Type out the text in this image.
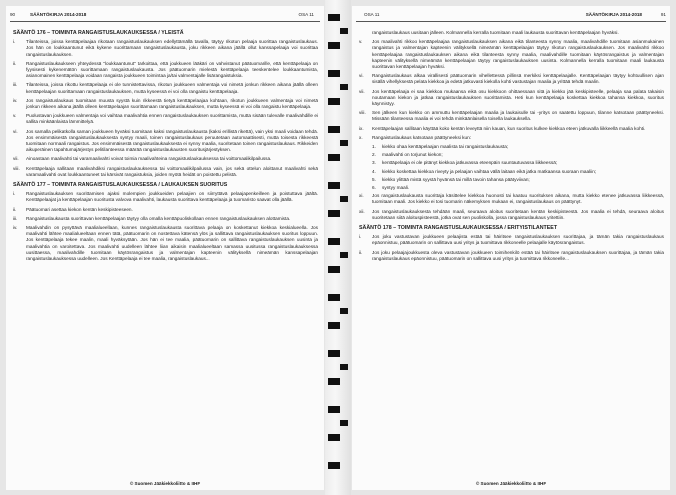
90	SÄÄNTÖKIRJA 2014-2018	OSA 11
SÄÄNTÖ 176 – TOIMINTA RANGAISTUSLAUKAUKSESSA / YLEISTÄ
i.	Tilanteissa, joissa kenttäpelaajaa rikotaan rangaistuslaukauksen edellyttämällä tavalla, täytyy rikotun pelaaja suorittaa rangaistuslaukaus. Jos hän on loukkaantunut eikä kykene suorittamaan rangaistuslaukausta, joku rikkeen aikana jäällä ollut kanssapelaaja voi suorittaa rangaistuslaukauksen.
ii.	Rangaistuslaukaukseen yhteydessä "loukkaantunut" tarkoittaa, että joukkueen lääkäri on vahvistanut päätuomarille, että kenttäpelaaja on fyysisesti kykenemätön suorittamaan rangaistuslaukausta. Jos päätuomarin mielestä kenttäpelaaja teeskentelee loukkaantumista, asianomainen kenttäpelaaja voidaan rangaista joukkueen toimintaa ja/tai valmentajalle lisärangaistuksia.
iii.	Tilanteissa, joissa rikottu kenttäpelaaja ei ole tunnistettavissa, rikotun joukkueen valmentaja voi nimetä jonkun rikkeen aikana jäällä olleen kenttäpelaajan suorittamaan rangaistuslaukauksen, mutta kyseessä ei voi olla rangaistu kenttäpelaaja.
iv.	Jos rangaistuslaukaus tuomitaan muusta syystä kuin rikkeestä tietyä kenttäpelaajaa kohtaan, rikotun joukkueen valmentaja voi nimetä jonkun rikkeen aikana jäällä olleen kenttäpelaajan suorittamaan rangaistuslaukauksen, mutta kyseessä ei voi olla rangaistu kenttäpelaaja.
v.	Puolustavan joukkueen valmentaja voi vaihtaa maalivahtia ennen rangaistuslaukauksen suorittamista, mutta sisään tulevalle maalivahdille ei sallita minkäänlaista lämmittelyä.
vi.	Jos samalla pelikatkolla saman joukkueen hyväksi tuomitaan kaksi rangaistuslaukausta (kaksi erillistä rikettä), vain yksi maali voidaan tehdä. Jos ensimmäisestä rangaistuslaukauksesta syntyy maali, toinen rangaistuslaukaus peruutetaan automaattisesti, mutta toisesta rikkeestä tuomitaan normaali rangaistus. Jos ensimmäisestä rangaistuslaukauksesta ei synny maalia, suoritetaan toinen rangaistuslaukaus. Rikkeiden aikuperäinen tapahtumajärjestys pelitilanteessa määrää rangaistuslaukausten suoritusjärjestyksen.
vii.	Ainoastaan maalivahti tai varamaalivahti voivat toimia maalivahteina rangaistuslaukauksessa tai voittomaalikilpailussa.
viii.	Kenttäpelaaja sallitaan maalivahdiksi rangaistuslaukauksessa tai voittomaalikilpailussa vain, jos sekä ottelun aloittanut maalivahti sekä varamaalivahti ovat loukkaantuneet tai kärsivät rangaistuksia, joiden myötä heidät on poistettu pelistä.
SÄÄNTÖ 177 – TOIMINTA RANGAISTUSLAUKAUKSESSA / LAUKAUKSEN SUORITUS
i.	Rangaistuslaukauksen suorittamisen ajaksi molempien joukkueiden pelaajien on siirryttävä pelaajapenkeilleen ja poistuttava jäältä. Kenttäpelaajat ja kenttäpelaajan suoritusta valvova maalivahti, laukausta suorittava kenttäpelaaja ja tuomaristo saavat olla jäällä.
ii.	Päätuomari asettaa kiekon kentän keskipisteeseen.
iii.	Rangaistuslaukausta suorittavan kenttäpelaajan täytyy olla omalla kenttäpuoliskollaan ennen rangaistuslaukauksen alottamista.
iv.	Maalivahdin on pysyttävä maalialueellaan, kunnes rangaistuslaukausta suorittava pelaaja on koskettanut kiekkoa keskialueella. Jos maalivahti lähtee maalialueeltaan ennen tätä, päätuomarin on nostettava kätensä ylös ja sallittava rangaistuslaukauksen suoritus loppuun. Jos kenttäpelaaja tekee maalin, maali hyväksytään. Jos hän ei tee maalia, päätuomarin on sallittava rangaistuslaukauksen uusinta ja maalivahtia on varoitettava. Jos maalivahti uudelleen lähtee liian aikaisin maalialueeltaan samassa uusitussa rangaistuslaukauksessa uusittaessa, maalivahdille tuomitaan käytösrangaistus ja valmentajan kapteenin välityksellä nimeämän kanssapelaajan rangaistuslaukauksessa uudelleen. Jos Kenttäpelaaja ei tee maalia, rangaistuslaukaus...
© Suomen Jääkiekkoliitto & IIHF
OSA 11	SÄÄNTÖKIRJA 2014-2018	91
rangaistuslaukaus uusitaan jälleen. Kolmannella kerralla tuomitaan maali laukausta suorittavan kenttäpelaajan hyväksi.
v.	Jos maalivahti rikkoo kenttäpelaajaa rangaistuslaukauksen aikana eikä tilanteesta synny maalia, maalivahdille tuomitaan asianmukainen rangaistus ja valmentajan kapteenin välityksellä nimeämän kenttäpelaajan täytyy rikotun rangaistuslaukauksen. Jos maalivahti rikkoo kenttäpelaajaa rangaistuslaukauksen aikana eikä tilanteesta synny maalia, maalivahdille tuomitaan käytösrangaistus ja valmentajan kapteenin välityksellä nimeämän kenttäpelaajan täytyy rangaistuslaukauksen uusinta. Kolmannella kerralla tuomitaan maali laukausta suorittavan kenttäpelaajan hyväksi.
vi.	Rangaistuslaukaus alkaa virallisesti päätuomarin vihellettessä pillinsä merkiksi kenttäpelaajalle. Kenttäpelaajan täytyy kohtuullisen ajan sisällä vihellyksestä pelata kiekkoa ja edetä jatkuvasti kiekolla kohti vastustajan maalia ja yrittää tehdä maalin.
vii.	Jos kenttäpelaaja ei saa kiekkoa mukaansa eikä osu kiekkoon ohittaessaan sitä ja kiekko jää keskipisteelle, pelaaja saa palata takaisin noutamaan kiekon ja jatkaa rangaistuslaukauksen suorittamista. Heti kun kenttäpelaaja koskettaa kiekkoa tahansa kiekkoa, suoritus käynnistyy.
viii.	Sen jälkeen kun kiekko on ammuttu kenttäpelaajan maalia ja laukaisulle tai -yritys on saatettu loppuun, tilanne katsotaan päättyneeksi. Missään tilanteessa maalia ei voi tehdä minkäänlaisella toisella laukauksella.
ix.	Kenttäpelaajan sallitaan käyttää koko kentän leveyttä niin kauan, kun suoritus kulkee kiekkoa eteen jatkuvalla liikkeellä maalia kohti.
x.	Rangaistuslaukaus katsotaan päättyneeksi kun:
1.	kiekko ohaa kenttäpelaajan maalista tai rangaistuslaukausta;
2.	maalivahti on torjunut kiekon;
3.	kenttäpelaaja ei ole pitänyt kiekkoa jatkuvassa eteenpäin suuntautuvassa liikkeessä;
4.	kiekko koskettaa kiekkoa riveyty ja pelaajan vaihtaa vällä laitaan eikä jatka matkaansa suoraan maaliin;
5.	kiekko ylittää mistä syystä hyvänsä tai millä tavoin tahansa päätyviivan;
6.	syntyy maali.
xi.	Jos rangaistuslaukausta suorittaja käsittelee kiekkoa huonosti tai kaatuu suorituksen aikana, mutta kiekko etenee jatkuvassa liikkeessä, tuomitaan maali. Jos kiekko ei tosi tuomarin näkemyksen mukaan ei, rangaistuslaukaus on päättynyt.
xii.	Jos rangaistuslaukauksesta tehdään maali, seuraava aloitus suoritetaan kentän keskipisteestä. Jos maalia ei tehdä, seuraava aloitus suoritetaan siitä aloituspisteestä, jotka ovat sen puoliskolla, jossa rangaistuslaukaus yritettiin.
SÄÄNTÖ 178 – TOIMINTA RANGAISTUSLAUKAUKSESSA / ERITYISTILANTEET
i.	Jos joku vastustavan joukkueen pelaajista estää tai häiritsee rangaistuslaukauksen suorittajaa, ja tämän takia rangaistuslaukaus epäonnistuu, päätuomarin on sallittava uusi yritys ja tuomittava rikkoneelle pelaajalle käytösrangaistus.
ii.	Jos joku pelaajajoukkuesta oleva vastustavan joukkueen toimihenkilö estää tai häiritsee rangaistuslaukauksen suorittajaa, ja tämän takia rangaistuslaukaus epäonnistuu, päätuomarin on sallittava uusi yritys ja tuomittava rikkoneelle...
© Suomen Jääkiekkoliitto & IIHF
